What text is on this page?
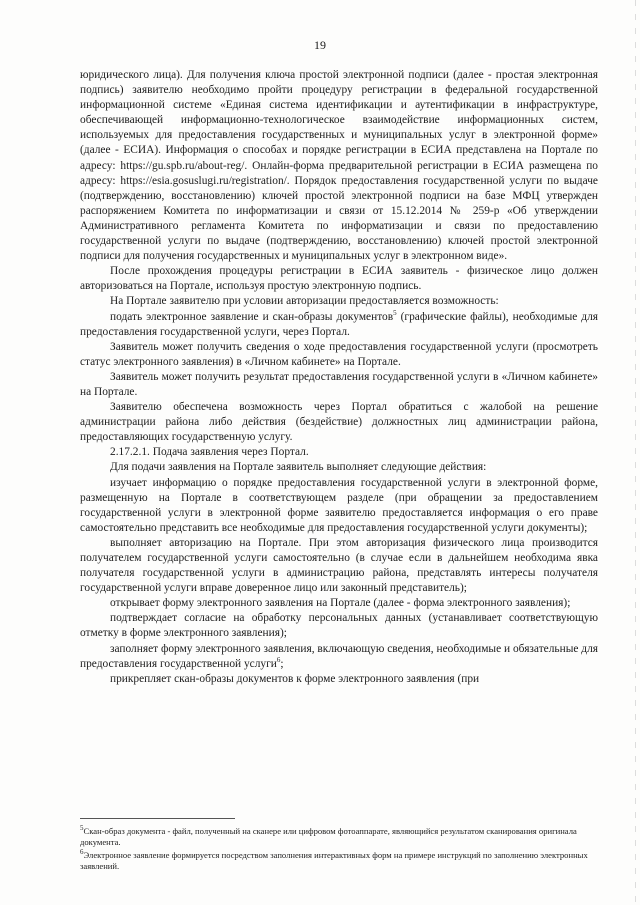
19

юридического лица). Для получения ключа простой электронной подписи (далее - простая электронная подпись) заявителю необходимо пройти процедуру регистрации в федеральной государственной информационной системе «Единая система идентификации и аутентификации в инфраструктуре, обеспечивающей информационно-технологическое взаимодействие информационных систем, используемых для предоставления государственных и муниципальных услуг в электронной форме» (далее - ЕСИА). Информация о способах и порядке регистрации в ЕСИА представлена на Портале по адресу: https://gu.spb.ru/about-reg/. Онлайн-форма предварительной регистрации в ЕСИА размещена по адресу: https://esia.gosuslugi.ru/registration/. Порядок предоставления государственной услуги по выдаче (подтверждению, восстановлению) ключей простой электронной подписи на базе МФЦ утвержден распоряжением Комитета по информатизации и связи от 15.12.2014 № 259-р «Об утверждении Административного регламента Комитета по информатизации и связи по предоставлению государственной услуги по выдаче (подтверждению, восстановлению) ключей простой электронной подписи для получения государственных и муниципальных услуг в электронном виде».

После прохождения процедуры регистрации в ЕСИА заявитель - физическое лицо должен авторизоваться на Портале, используя простую электронную подпись.

На Портале заявителю при условии авторизации предоставляется возможность:

подать электронное заявление и скан-образы документов$^5$ (графические файлы), необходимые для предоставления государственной услуги, через Портал.

Заявитель может получить сведения о ходе предоставления государственной услуги (просмотреть статус электронного заявления) в «Личном кабинете» на Портале.

Заявитель может получить результат предоставления государственной услуги в «Личном кабинете» на Портале.

Заявителю обеспечена возможность через Портал обратиться с жалобой на решение администрации района либо действия (бездействие) должностных лиц администрации района, предоставляющих государственную услугу.

2.17.2.1. Подача заявления через Портал.

Для подачи заявления на Портале заявитель выполняет следующие действия:

изучает информацию о порядке предоставления государственной услуги в электронной форме, размещенную на Портале в соответствующем разделе (при обращении за предоставлением государственной услуги в электронной форме заявителю предоставляется информация о его праве самостоятельно представить все необходимые для предоставления государственной услуги документы);

выполняет авторизацию на Портале. При этом авторизация физического лица производится получателем государственной услуги самостоятельно (в случае если в дальнейшем необходима явка получателя государственной услуги в администрацию района, представлять интересы получателя государственной услуги вправе доверенное лицо или законный представитель);

открывает форму электронного заявления на Портале (далее - форма электронного заявления);

подтверждает согласие на обработку персональных данных (устанавливает соответствующую отметку в форме электронного заявления);

заполняет форму электронного заявления, включающую сведения, необходимые и обязательные для предоставления государственной услуги$^6$;

прикрепляет скан-образы документов к форме электронного заявления (при

$^5$Скан-образ документа - файл, полученный на сканере или цифровом фотоаппарате, являющийся результатом сканирования оригинала документа.

$^6$Электронное заявление формируется посредством заполнения интерактивных форм на примере инструкций по заполнению электронных заявлений.
